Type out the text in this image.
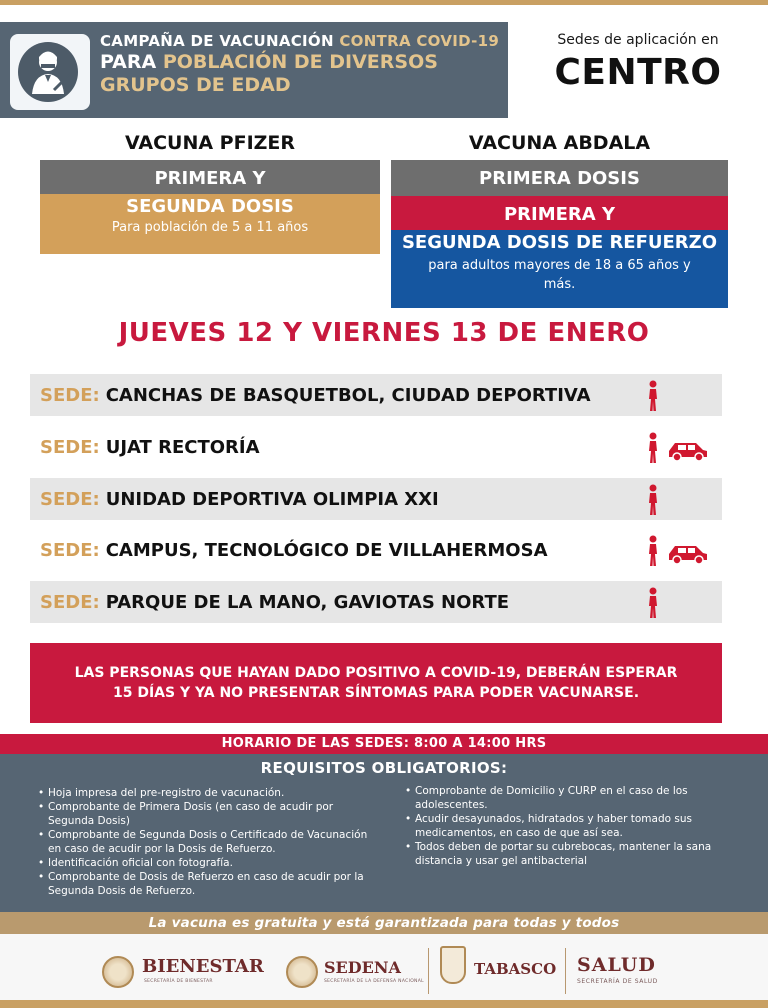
CAMPAÑA DE VACUNACIÓN CONTRA COVID-19
PARA POBLACIÓN DE DIVERSOS
GRUPOS DE EDAD
Sedes de aplicación en
CENTRO
VACUNA PFIZER	VACUNA ABDALA
PRIMERA Y
SEGUNDA DOSIS
Para población de 5 a 11 años
PRIMERA DOSIS
PRIMERA Y
SEGUNDA DOSIS DE REFUERZO
para adultos mayores de 18 a 65 años y más.
JUEVES 12 Y VIERNES 13 DE ENERO
SEDE: CANCHAS DE BASQUETBOL, CIUDAD DEPORTIVA
SEDE: UJAT RECTORÍA
SEDE: UNIDAD DEPORTIVA OLIMPIA XXI
SEDE: CAMPUS, TECNOLÓGICO DE VILLAHERMOSA
SEDE: PARQUE DE LA MANO, GAVIOTAS NORTE
LAS PERSONAS QUE HAYAN DADO POSITIVO A COVID-19, DEBERÁN ESPERAR
15 DÍAS Y YA NO PRESENTAR SÍNTOMAS PARA PODER VACUNARSE.
HORARIO DE LAS SEDES: 8:00 A 14:00 HRS
REQUISITOS OBLIGATORIOS:
• Hoja impresa del pre-registro de vacunación.
• Comprobante de Primera Dosis (en caso de acudir por Segunda Dosis)
• Comprobante de Segunda Dosis o Certificado de Vacunación en caso de acudir por la Dosis de Refuerzo.
• Identificación oficial con fotografía.
• Comprobante de Dosis de Refuerzo en caso de acudir por la Segunda Dosis de Refuerzo.
• Comprobante de Domicilio y CURP en el caso de los adolescentes.
• Acudir desayunados, hidratados y haber tomado sus medicamentos, en caso de que así sea.
• Todos deben de portar su cubrebocas, mantener la sana distancia y usar gel antibacterial
La vacuna es gratuita y está garantizada para todas y todos
BIENESTAR
SECRETARÍA DE BIENESTAR
SEDENA
SECRETARÍA DE LA DEFENSA NACIONAL
TABASCO SALUD
SECRETARÍA DE SALUD
